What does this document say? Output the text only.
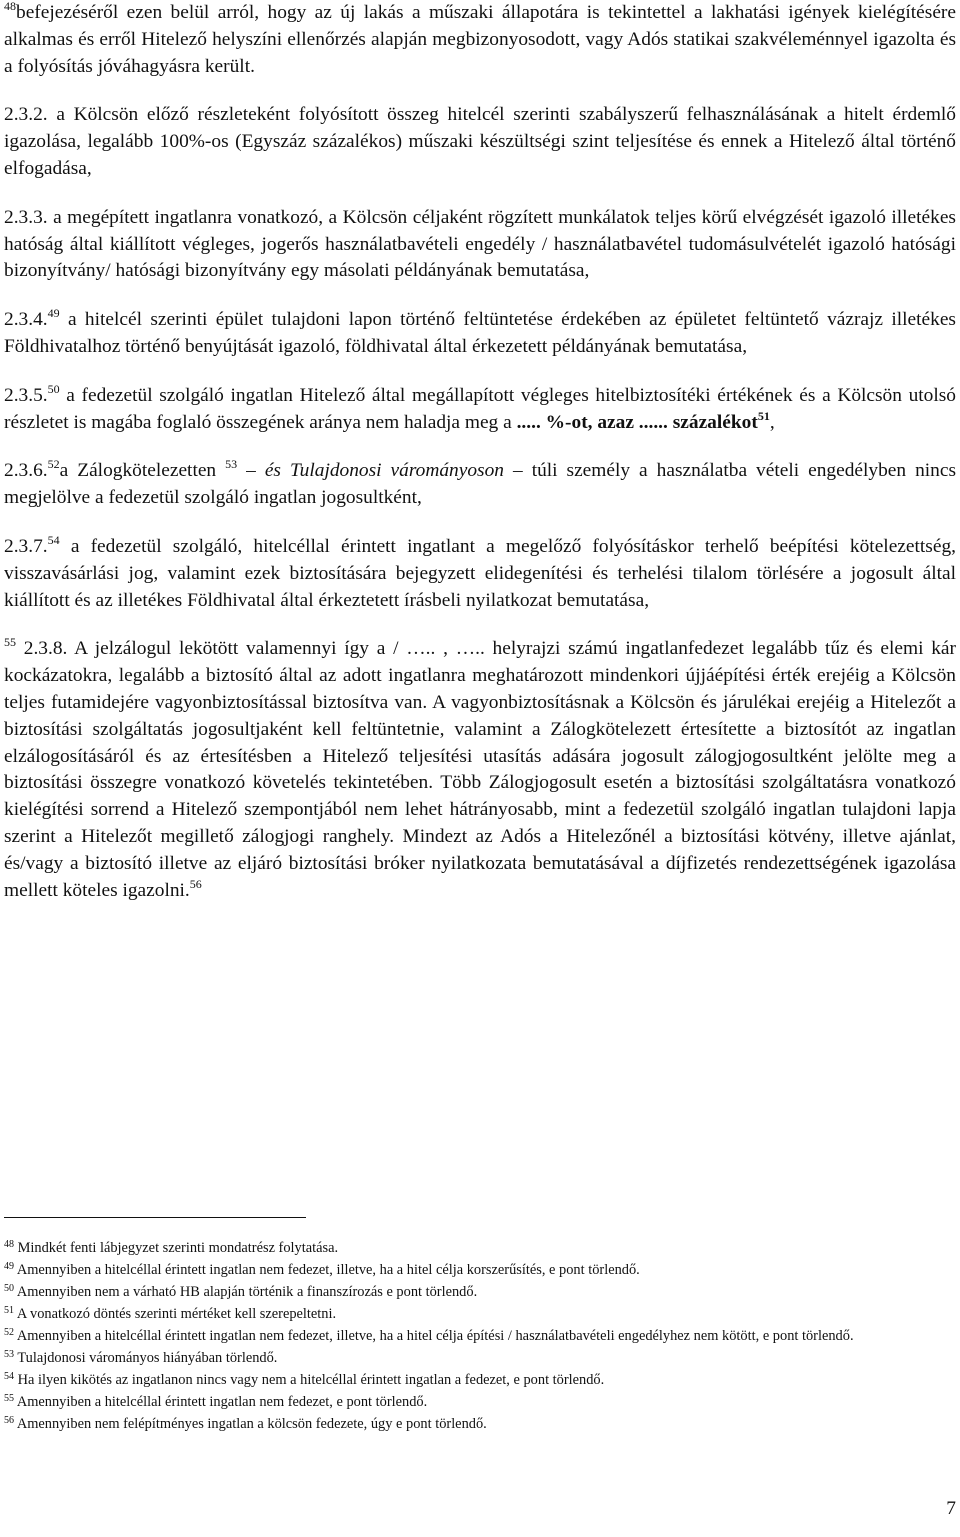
$^{48}$befejezéséről ezen belül arról, hogy az új lakás a műszaki állapotára is tekintettel a lakhatási igények kielégítésére alkalmas és erről Hitelező helyszíni ellenőrzés alapján megbizonyosodott, vagy Adós statikai szakvéleménnyel igazolta és a folyósítás jóváhagyásra került.

2.3.2. a Kölcsön előző részleteként folyósított összeg hitelcél szerinti szabályszerű felhasználásának a hitelt érdemlő igazolása, legalább 100%-os (Egyszáz százalékos) műszaki készültségi szint teljesítése és ennek a Hitelező által történő elfogadása,

2.3.3. a megépített ingatlanra vonatkozó, a Kölcsön céljaként rögzített munkálatok teljes körű elvégzését igazoló illetékes hatóság által kiállított végleges, jogerős használatbavételi engedély / használatbavétel tudomásulvételét igazoló hatósági bizonyítvány/ hatósági bizonyítvány egy másolati példányának bemutatása,

2.3.4.49 a hitelcél szerinti épület tulajdoni lapon történő feltüntetése érdekében az épületet feltüntető vázrajz illetékes Földhivatalhoz történő benyújtását igazoló, földhivatal által érkezetett példányának bemutatása,

2.3.5.50 a fedezetül szolgáló ingatlan Hitelező által megállapított végleges hitelbiztosítéki értékének és a Kölcsön utolsó részletet is magába foglaló összegének aránya nem haladja meg a ..... %-ot, azaz ...... százalékot$^{51}$,

2.3.6.52a Zálogkötelezetten $^{53}$ – és Tulajdonosi várományoson – túli személy a használatba vételi engedélyben nincs megjelölve a fedezetül szolgáló ingatlan jogosultként,

2.3.7.54 a fedezetül szolgáló, hitelcéllal érintett ingatlant a megelőző folyósításkor terhelő beépítési kötelezettség, visszavásárlási jog, valamint ezek biztosítására bejegyzett elidegenítési és terhelési tilalom törlésére a jogosult által kiállított és az illetékes Földhivatal által érkeztetett írásbeli nyilatkozat bemutatása,

$^{55}$ 2.3.8. A jelzálogul lekötött valamennyi így a / ….. , ….. helyrajzi számú ingatlanfedezet legalább tűz és elemi kár kockázatokra, legalább a biztosító által az adott ingatlanra meghatározott mindenkori újjáépítési érték erejéig a Kölcsön teljes futamidejére vagyonbiztosítással biztosítva van. A vagyonbiztosításnak a Kölcsön és járulékai erejéig a Hitelezőt a biztosítási szolgáltatás jogosultjaként kell feltüntetnie, valamint a Zálogkötelezett értesítette a biztosítót az ingatlan elzálogosításáról és az értesítésben a Hitelező teljesítési utasítás adására jogosult zálogjogosultként jelölte meg a biztosítási összegre vonatkozó követelés tekintetében. Több Zálogjogosult esetén a biztosítási szolgáltatásra vonatkozó kielégítési sorrend a Hitelező szempontjából nem lehet hátrányosabb, mint a fedezetül szolgáló ingatlan tulajdoni lapja szerint a Hitelezőt megillető zálogjogi ranghely. Mindezt az Adós a Hitelezőnél a biztosítási kötvény, illetve ajánlat, és/vagy a biztosító illetve az eljáró biztosítási bróker nyilatkozata bemutatásával a díjfizetés rendezettségének igazolása mellett köteles igazolni.$^{56}$

$^{48}$ Mindkét fenti lábjegyzet szerinti mondatrész folytatása.

$^{49}$ Amennyiben a hitelcéllal érintett ingatlan nem fedezet, illetve, ha a hitel célja korszerűsítés, e pont törlendő.

$^{50}$ Amennyiben nem a várható HB alapján történik a finanszírozás e pont törlendő.

$^{51}$ A vonatkozó döntés szerinti mértéket kell szerepeltetni.

$^{52}$ Amennyiben a hitelcéllal érintett ingatlan nem fedezet, illetve, ha a hitel célja építési / használatbavételi engedélyhez nem kötött, e pont törlendő.

$^{53}$ Tulajdonosi várományos hiányában törlendő.

$^{54}$ Ha ilyen kikötés az ingatlanon nincs vagy nem a hitelcéllal érintett ingatlan a fedezet, e pont törlendő.

$^{55}$ Amennyiben a hitelcéllal érintett ingatlan nem fedezet, e pont törlendő.

$^{56}$ Amennyiben nem felépítményes ingatlan a kölcsön fedezete, úgy e pont törlendő.

7
